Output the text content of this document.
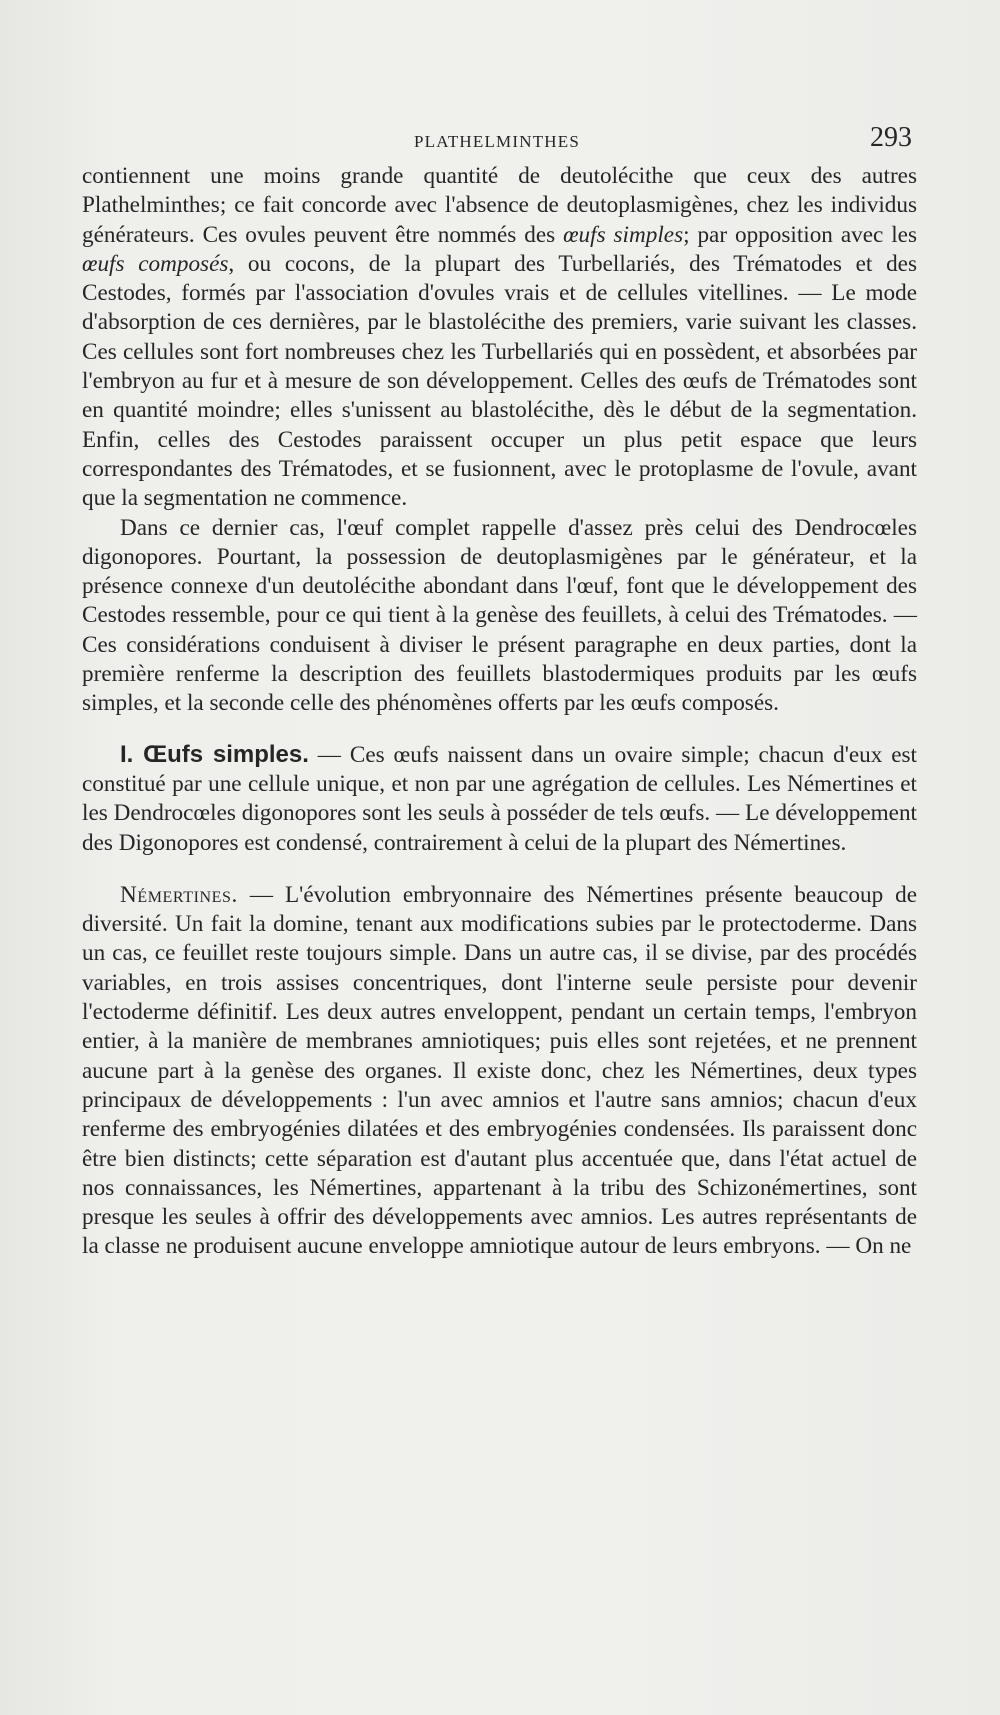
PLATHELMINTHES	293

contiennent une moins grande quantité de deutolécithe que ceux des autres Plathelminthes; ce fait concorde avec l'absence de deutoplasmigènes, chez les individus générateurs. Ces ovules peuvent être nommés des œufs simples; par opposition avec les œufs composés, ou cocons, de la plupart des Turbellariés, des Trématodes et des Cestodes, formés par l'association d'ovules vrais et de cellules vitellines. — Le mode d'absorption de ces dernières, par le blastolécithe des premiers, varie suivant les classes. Ces cellules sont fort nombreuses chez les Turbellariés qui en possèdent, et absorbées par l'embryon au fur et à mesure de son développement. Celles des œufs de Trématodes sont en quantité moindre; elles s'unissent au blastolécithe, dès le début de la segmentation. Enfin, celles des Cestodes paraissent occuper un plus petit espace que leurs correspondantes des Trématodes, et se fusionnent, avec le protoplasme de l'ovule, avant que la segmentation ne commence.

Dans ce dernier cas, l'œuf complet rappelle d'assez près celui des Dendrocœles digonopores. Pourtant, la possession de deutoplasmigènes par le générateur, et la présence connexe d'un deutolécithe abondant dans l'œuf, font que le développement des Cestodes ressemble, pour ce qui tient à la genèse des feuillets, à celui des Trématodes. — Ces considérations conduisent à diviser le présent paragraphe en deux parties, dont la première renferme la description des feuillets blastodermiques produits par les œufs simples, et la seconde celle des phénomènes offerts par les œufs composés.

I. Œufs simples. — Ces œufs naissent dans un ovaire simple; chacun d'eux est constitué par une cellule unique, et non par une agrégation de cellules. Les Némertines et les Dendrocœles digonopores sont les seuls à posséder de tels œufs. — Le développement des Digonopores est condensé, contrairement à celui de la plupart des Némertines.

Némertines. — L'évolution embryonnaire des Némertines présente beaucoup de diversité. Un fait la domine, tenant aux modifications subies par le protectoderme. Dans un cas, ce feuillet reste toujours simple. Dans un autre cas, il se divise, par des procédés variables, en trois assises concentriques, dont l'interne seule persiste pour devenir l'ectoderme définitif. Les deux autres enveloppent, pendant un certain temps, l'embryon entier, à la manière de membranes amniotiques; puis elles sont rejetées, et ne prennent aucune part à la genèse des organes. Il existe donc, chez les Némertines, deux types principaux de développements : l'un avec amnios et l'autre sans amnios; chacun d'eux renferme des embryogénies dilatées et des embryogénies condensées. Ils paraissent donc être bien distincts; cette séparation est d'autant plus accentuée que, dans l'état actuel de nos connaissances, les Némertines, appartenant à la tribu des Schizonémertines, sont presque les seules à offrir des développements avec amnios. Les autres représentants de la classe ne produisent aucune enveloppe amniotique autour de leurs embryons. — On ne
